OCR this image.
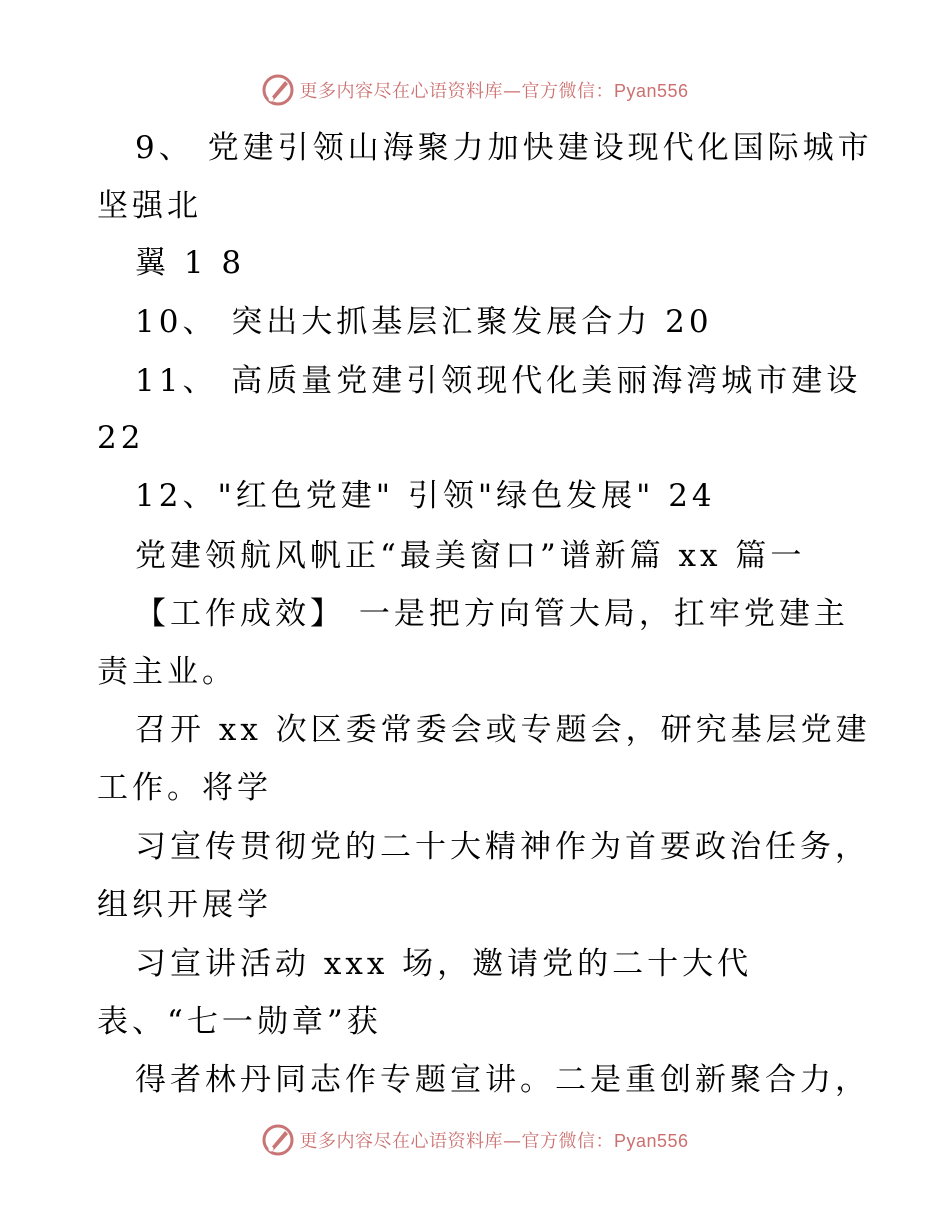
更多内容尽在心语资料库—官方微信：Pyan556

9、 党建引领山海聚力加快建设现代化国际城市

坚强北

翼 1 8

10、 突出大抓基层汇聚发展合力 20

11、 高质量党建引领现代化美丽海湾城市建设

22

12、"红色党建" 引领"绿色发展" 24

党建领航风帆正“最美窗口”谱新篇 xx 篇一

【工作成效】 一是把方向管大局，扛牢党建主

责主业。

召开 xx 次区委常委会或专题会，研究基层党建

工作。将学

习宣传贯彻党的二十大精神作为首要政治任务，

组织开展学

习宣讲活动 xxx 场，邀请党的二十大代

表、“七一勋章”获

得者林丹同志作专题宣讲。二是重创新聚合力，

更多内容尽在心语资料库—官方微信：Pyan556
